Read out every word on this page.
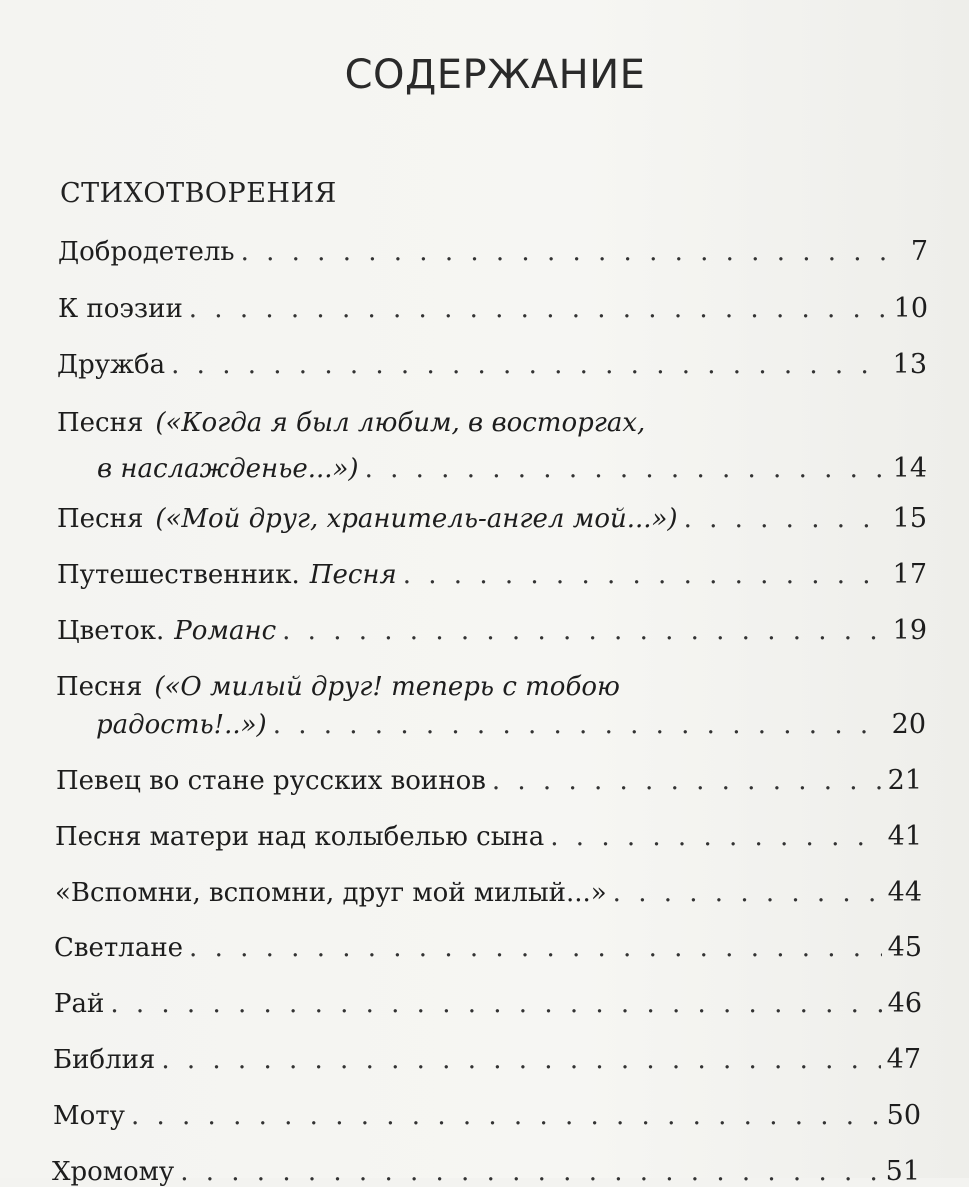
СОДЕРЖАНИЕ
СТИХОТВОРЕНИЯ
Добродетель . . .	7
К поэзии . . .	10
Дружба . . .	13
Песня («Когда я был любим, в восторгах,
в наслажденье...») . . .	14
Песня («Мой друг, хранитель-ангел мой...») . . .	15
Путешественник. Песня . . .	17
Цветок. Романс . . .	19
Песня («О милый друг! теперь с тобою
радость!..») . . .	20
Певец во стане русских воинов . . .	21
Песня матери над колыбелью сына . . .	41
«Вспомни, вспомни, друг мой милый...» . . .	44
Светлане . . .	45
Рай . . .	46
Библия . . .	47
Моту . . .	50
Хромому . . .	51
